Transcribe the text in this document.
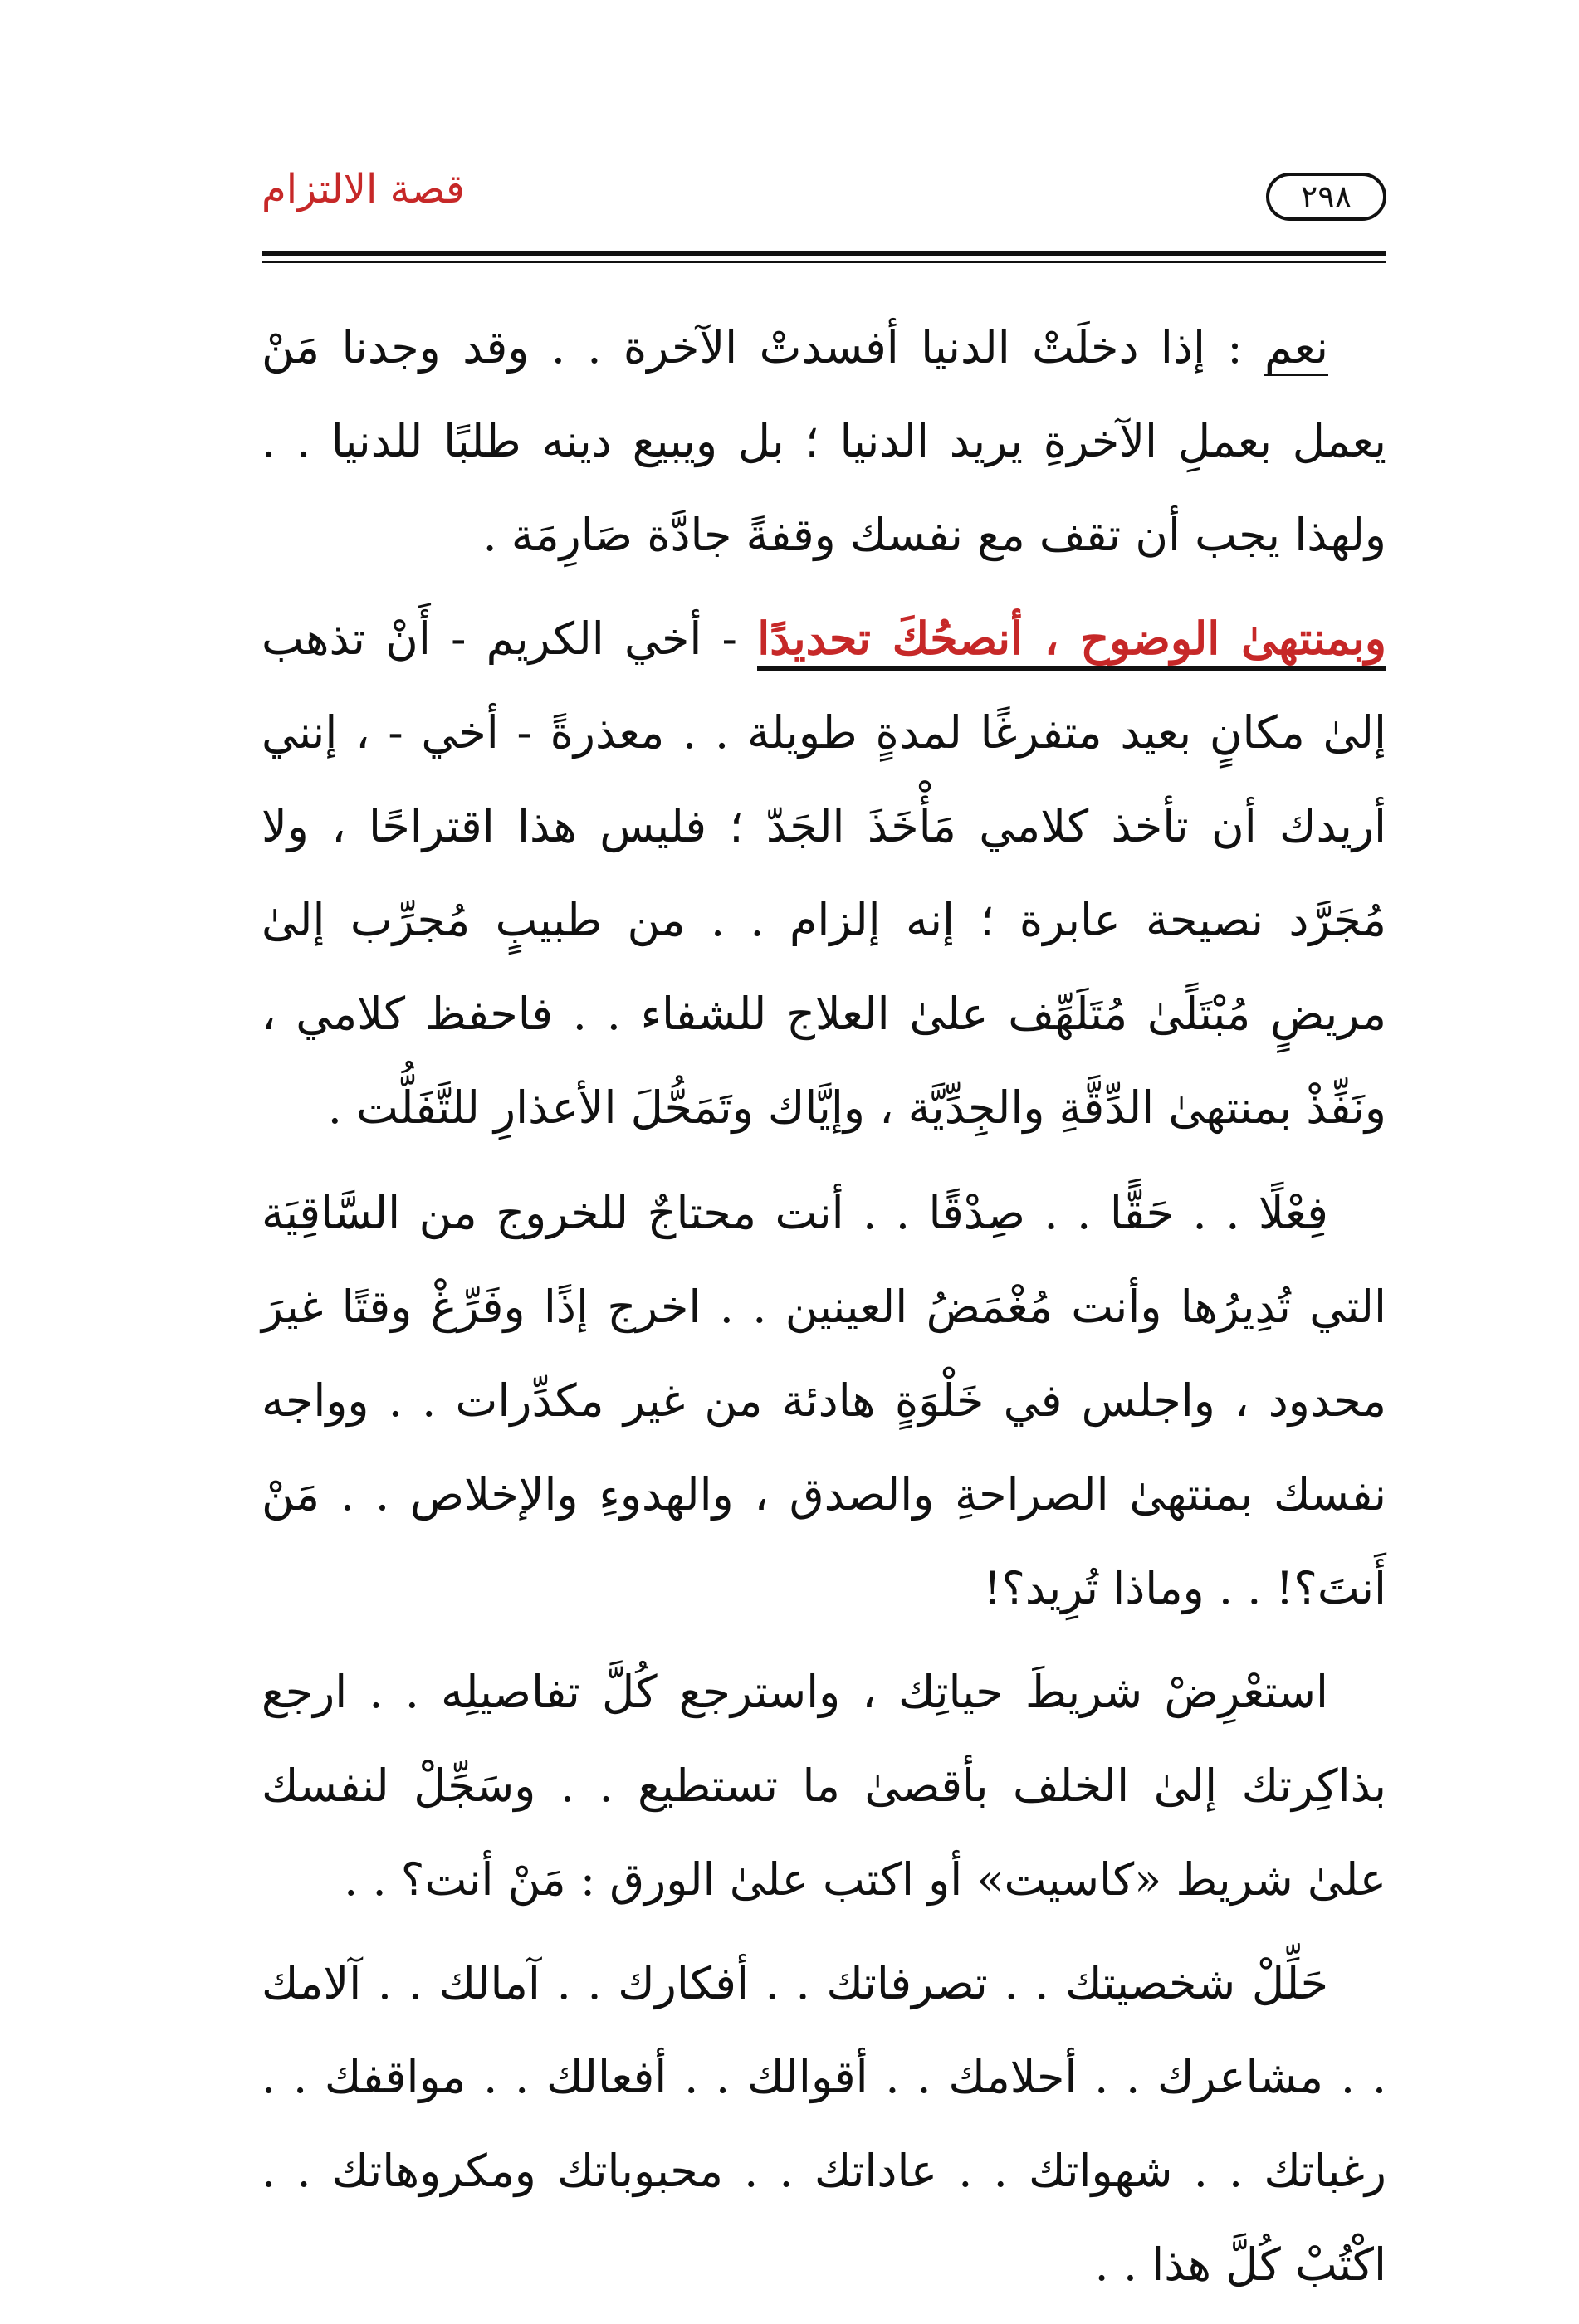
قصة الالتزام	٢٩٨

نعم : إذا دخلَتْ الدنيا أفسدتْ الآخرة . . وقد وجدنا مَنْ يعمل بعملِ الآخرةِ يريد الدنيا ؛ بل ويبيع دينه طلبًا للدنيا . . ولهذا يجب أن تقف مع نفسك وقفةً جادَّة صَارِمَة .

وبمنتهىٰ الوضوح ، أنصحُكَ تحديدًا - أخي الكريم - أَنْ تذهب إلىٰ مكانٍ بعيد متفرغًا لمدةٍ طويلة . . معذرةً - أخي - ، إنني أريدك أن تأخذ كلامي مَأْخَذَ الجَدّ ؛ فليس هذا اقتراحًا ، ولا مُجَرَّد نصيحة عابرة ؛ إنه إلزام . . من طبيبٍ مُجرِّب إلىٰ مريضٍ مُبْتَلًىٰ مُتَلَهِّف علىٰ العلاج للشفاء . . فاحفظ كلامي ، ونَفِّذْ بمنتهىٰ الدِّقَّةِ والجِدِّيَّة ، وإيَّاك وتَمَحُّلَ الأعذارِ للتَّفَلُّت .

فِعْلًا . . حَقًّا . . صِدْقًا . . أنت محتاجٌ للخروج من السَّاقِيَة التي تُدِيرُها وأنت مُغْمَضُ العينين . . اخرج إذًا وفَرِّغْ وقتًا غيرَ محدود ، واجلس في خَلْوَةٍ هادئة من غير مكدِّرات . . وواجه نفسك بمنتهىٰ الصراحةِ والصدق ، والهدوءِ والإخلاص . . مَنْ أَنتَ؟! . . وماذا تُرِيد؟!

استعْرِضْ شريطَ حياتِك ، واسترجع كُلَّ تفاصيلِه . . ارجع بذاكِرتك إلىٰ الخلف بأقصىٰ ما تستطيع . . وسَجِّلْ لنفسك علىٰ شريط «كاسيت» أو اكتب علىٰ الورق : مَنْ أنت؟ . .

حَلِّلْ شخصيتك . . تصرفاتك . . أفكارك . . آمالك . . آلامك . . مشاعرك . . أحلامك . . أقوالك . . أفعالك . . مواقفك . . رغباتك . . شهواتك . . عاداتك . . محبوباتك ومكروهاتك . . اكْتُبْ كُلَّ هذا . .
